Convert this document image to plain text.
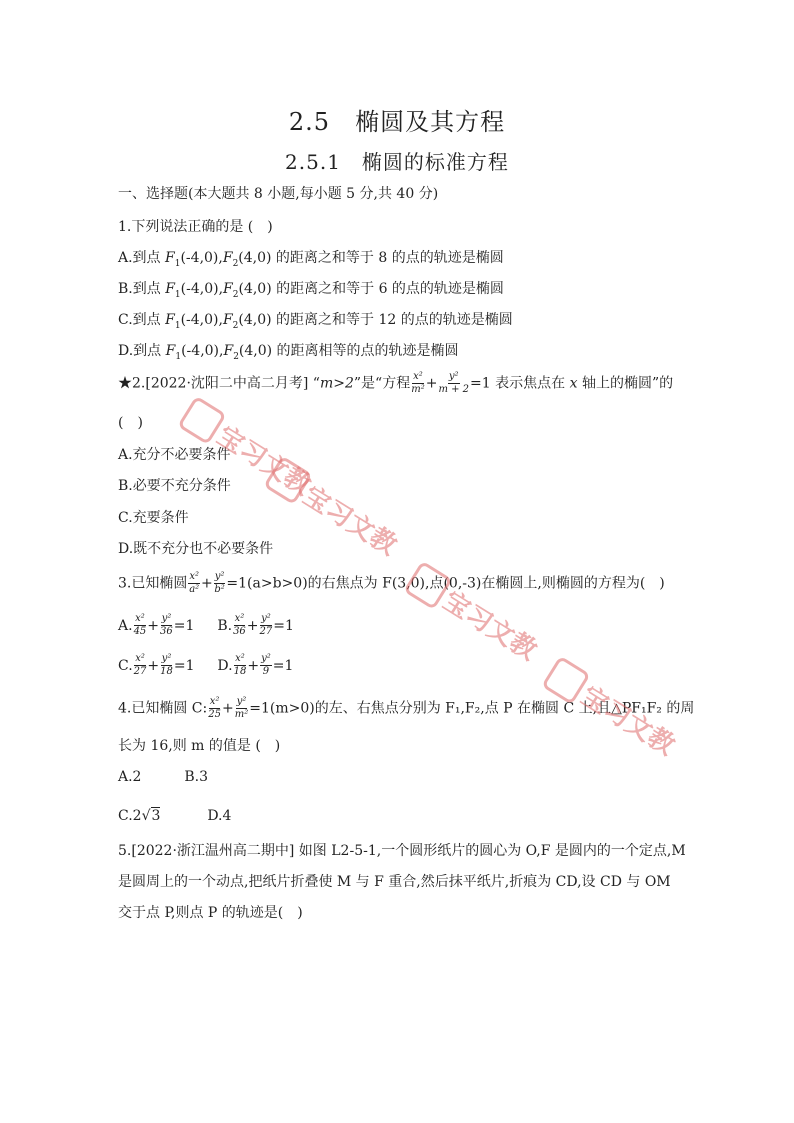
2.5　椭圆及其方程
2.5.1　椭圆的标准方程
一、选择题(本大题共 8 小题,每小题 5 分,共 40 分)
1.下列说法正确的是 (　)
A.到点 $F_1(-4,0),F_2(4,0)$ 的距离之和等于 8 的点的轨迹是椭圆
B.到点 $F_1(-4,0),F_2(4,0)$ 的距离之和等于 6 的点的轨迹是椭圆
C.到点 $F_1(-4,0),F_2(4,0)$ 的距离之和等于 12 的点的轨迹是椭圆
D.到点 $F_1(-4,0),F_2(4,0)$ 的距离相等的点的轨迹是椭圆
★2.[2022·沈阳二中高二月考] “m>2”是“方程 $\frac{\text{x²}}{\text{m²}} + \frac{\text{y²}}{m + 2} =1$ 表示焦点在 x 轴上的椭圆”的
(　)
A.充分不必要条件
B.必要不充分条件
C.充要条件
D.既不充分也不必要条件
3.已知椭圆 $\frac{\text{x²}}{\text{a²}} + \frac{\text{y²}}{\text{b²}} =1(a>b>0)$的右焦点为 F(3,0),点(0,-3)在椭圆上,则椭圆的方程为(　)
A. $\frac{\text{x²}}{45} + \frac{\text{y²}}{36} =1$ B. $\frac{\text{x²}}{36} + \frac{\text{y²}}{27} =1$
C. $\frac{\text{x²}}{27} + \frac{\text{y²}}{18} =1$ D. $\frac{\text{x²}}{18} + \frac{\text{y²}}{9} =1$
4.已知椭圆 C: $\frac{\text{x²}}{25} + \frac{\text{y²}}{\text{m²}} =1(m>0)$的左、右焦点分别为 F₁,F₂,点 P 在椭圆 C 上,且△PF₁F₂ 的周
长为 16,则 m 的值是 (　)
A.2	B.3
C.2√3	D.4
5.[2022·浙江温州高二期中] 如图 L2-5-1,一个圆形纸片的圆心为 O,F 是圆内的一个定点,M
是圆周上的一个动点,把纸片折叠使 M 与 F 重合,然后抹平纸片,折痕为 CD,设 CD 与 OM
交于点 P,则点 P 的轨迹是(　)
宝习文教
宝习文教
宝习文教
宝习文教
